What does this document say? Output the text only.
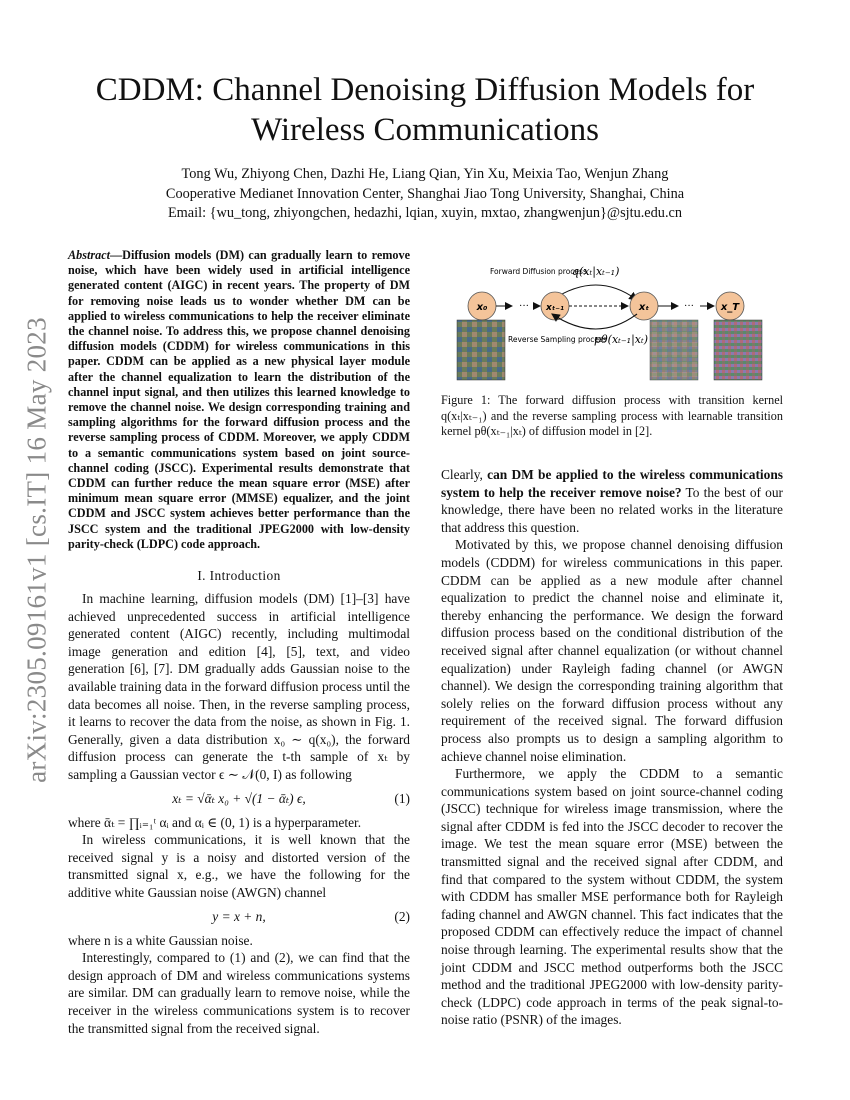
arXiv:2305.09161v1 [cs.IT] 16 May 2023
CDDM: Channel Denoising Diffusion Models for Wireless Communications
Tong Wu, Zhiyong Chen, Dazhi He, Liang Qian, Yin Xu, Meixia Tao, Wenjun Zhang
Cooperative Medianet Innovation Center, Shanghai Jiao Tong University, Shanghai, China
Email: {wu_tong, zhiyongchen, hedazhi, lqian, xuyin, mxtao, zhangwenjun}@sjtu.edu.cn

Abstract—Diffusion models (DM) can gradually learn to remove noise, which have been widely used in artificial intelligence generated content (AIGC) in recent years. The property of DM for removing noise leads us to wonder whether DM can be applied to wireless communications to help the receiver eliminate the channel noise. To address this, we propose channel denoising diffusion models (CDDM) for wireless communications in this paper. CDDM can be applied as a new physical layer module after the channel equalization to learn the distribution of the channel input signal, and then utilizes this learned knowledge to remove the channel noise. We design corresponding training and sampling algorithms for the forward diffusion process and the reverse sampling process of CDDM. Moreover, we apply CDDM to a semantic communications system based on joint source-channel coding (JSCC). Experimental results demonstrate that CDDM can further reduce the mean square error (MSE) after minimum mean square error (MMSE) equalizer, and the joint CDDM and JSCC system achieves better performance than the JSCC system and the traditional JPEG2000 with low-density parity-check (LDPC) code approach.

I. Introduction

In machine learning, diffusion models (DM) [1]–[3] have achieved unprecedented success in artificial intelligence generated content (AIGC) recently, including multimodal image generation and edition [4], [5], text, and video generation [6], [7]. DM gradually adds Gaussian noise to the available training data in the forward diffusion process until the data becomes all noise. Then, in the reverse sampling process, it learns to recover the data from the noise, as shown in Fig. 1. Generally, given a data distribution x₀ ∼ q(x₀), the forward diffusion process can generate the t-th sample of xₜ by sampling a Gaussian vector ϵ ∼ 𝒩(0, I) as following

xₜ = √ᾱₜ x₀ + √(1 − ᾱₜ) ϵ,	(1)

where ᾱₜ = ∏ᵢ₌₁ᵗ αᵢ and αᵢ ∈ (0, 1) is a hyperparameter.

In wireless communications, it is well known that the received signal y is a noisy and distorted version of the transmitted signal x, e.g., we have the following for the additive white Gaussian noise (AWGN) channel

y = x + n,	(2)

where n is a white Gaussian noise.

Interestingly, compared to (1) and (2), we can find that the design approach of DM and wireless communications systems are similar. DM can gradually learn to remove noise, while the receiver in the wireless communications system is to recover the transmitted signal from the received signal.

Forward Diffusion process
q(xₜ|xₜ₋₁)
x₀	··· xₜ₋₁	xₜ	···	x_T
Reverse Sampling process
pθ(xₜ₋₁|xₜ)
Figure 1: The forward diffusion process with transition kernel q(xₜ|xₜ₋₁) and the reverse sampling process with learnable transition kernel pθ(xₜ₋₁|xₜ) of diffusion model in [2].

Clearly, can DM be applied to the wireless communications system to help the receiver remove noise? To the best of our knowledge, there have been no related works in the literature that address this question.

Motivated by this, we propose channel denoising diffusion models (CDDM) for wireless communications in this paper. CDDM can be applied as a new module after channel equalization to predict the channel noise and eliminate it, thereby enhancing the performance. We design the forward diffusion process based on the conditional distribution of the received signal after channel equalization (or without channel equalization) under Rayleigh fading channel (or AWGN channel). We design the corresponding training algorithm that solely relies on the forward diffusion process without any requirement of the received signal. The forward diffusion process also prompts us to design a sampling algorithm to achieve channel noise elimination.

Furthermore, we apply the CDDM to a semantic communications system based on joint source-channel coding (JSCC) technique for wireless image transmission, where the signal after CDDM is fed into the JSCC decoder to recover the image. We test the mean square error (MSE) between the transmitted signal and the received signal after CDDM, and find that compared to the system without CDDM, the system with CDDM has smaller MSE performance both for Rayleigh fading channel and AWGN channel. This fact indicates that the proposed CDDM can effectively reduce the impact of channel noise through learning. The experimental results show that the joint CDDM and JSCC method outperforms both the JSCC method and the traditional JPEG2000 with low-density parity-check (LDPC) code approach in terms of the peak signal-to-noise ratio (PSNR) of the images.
